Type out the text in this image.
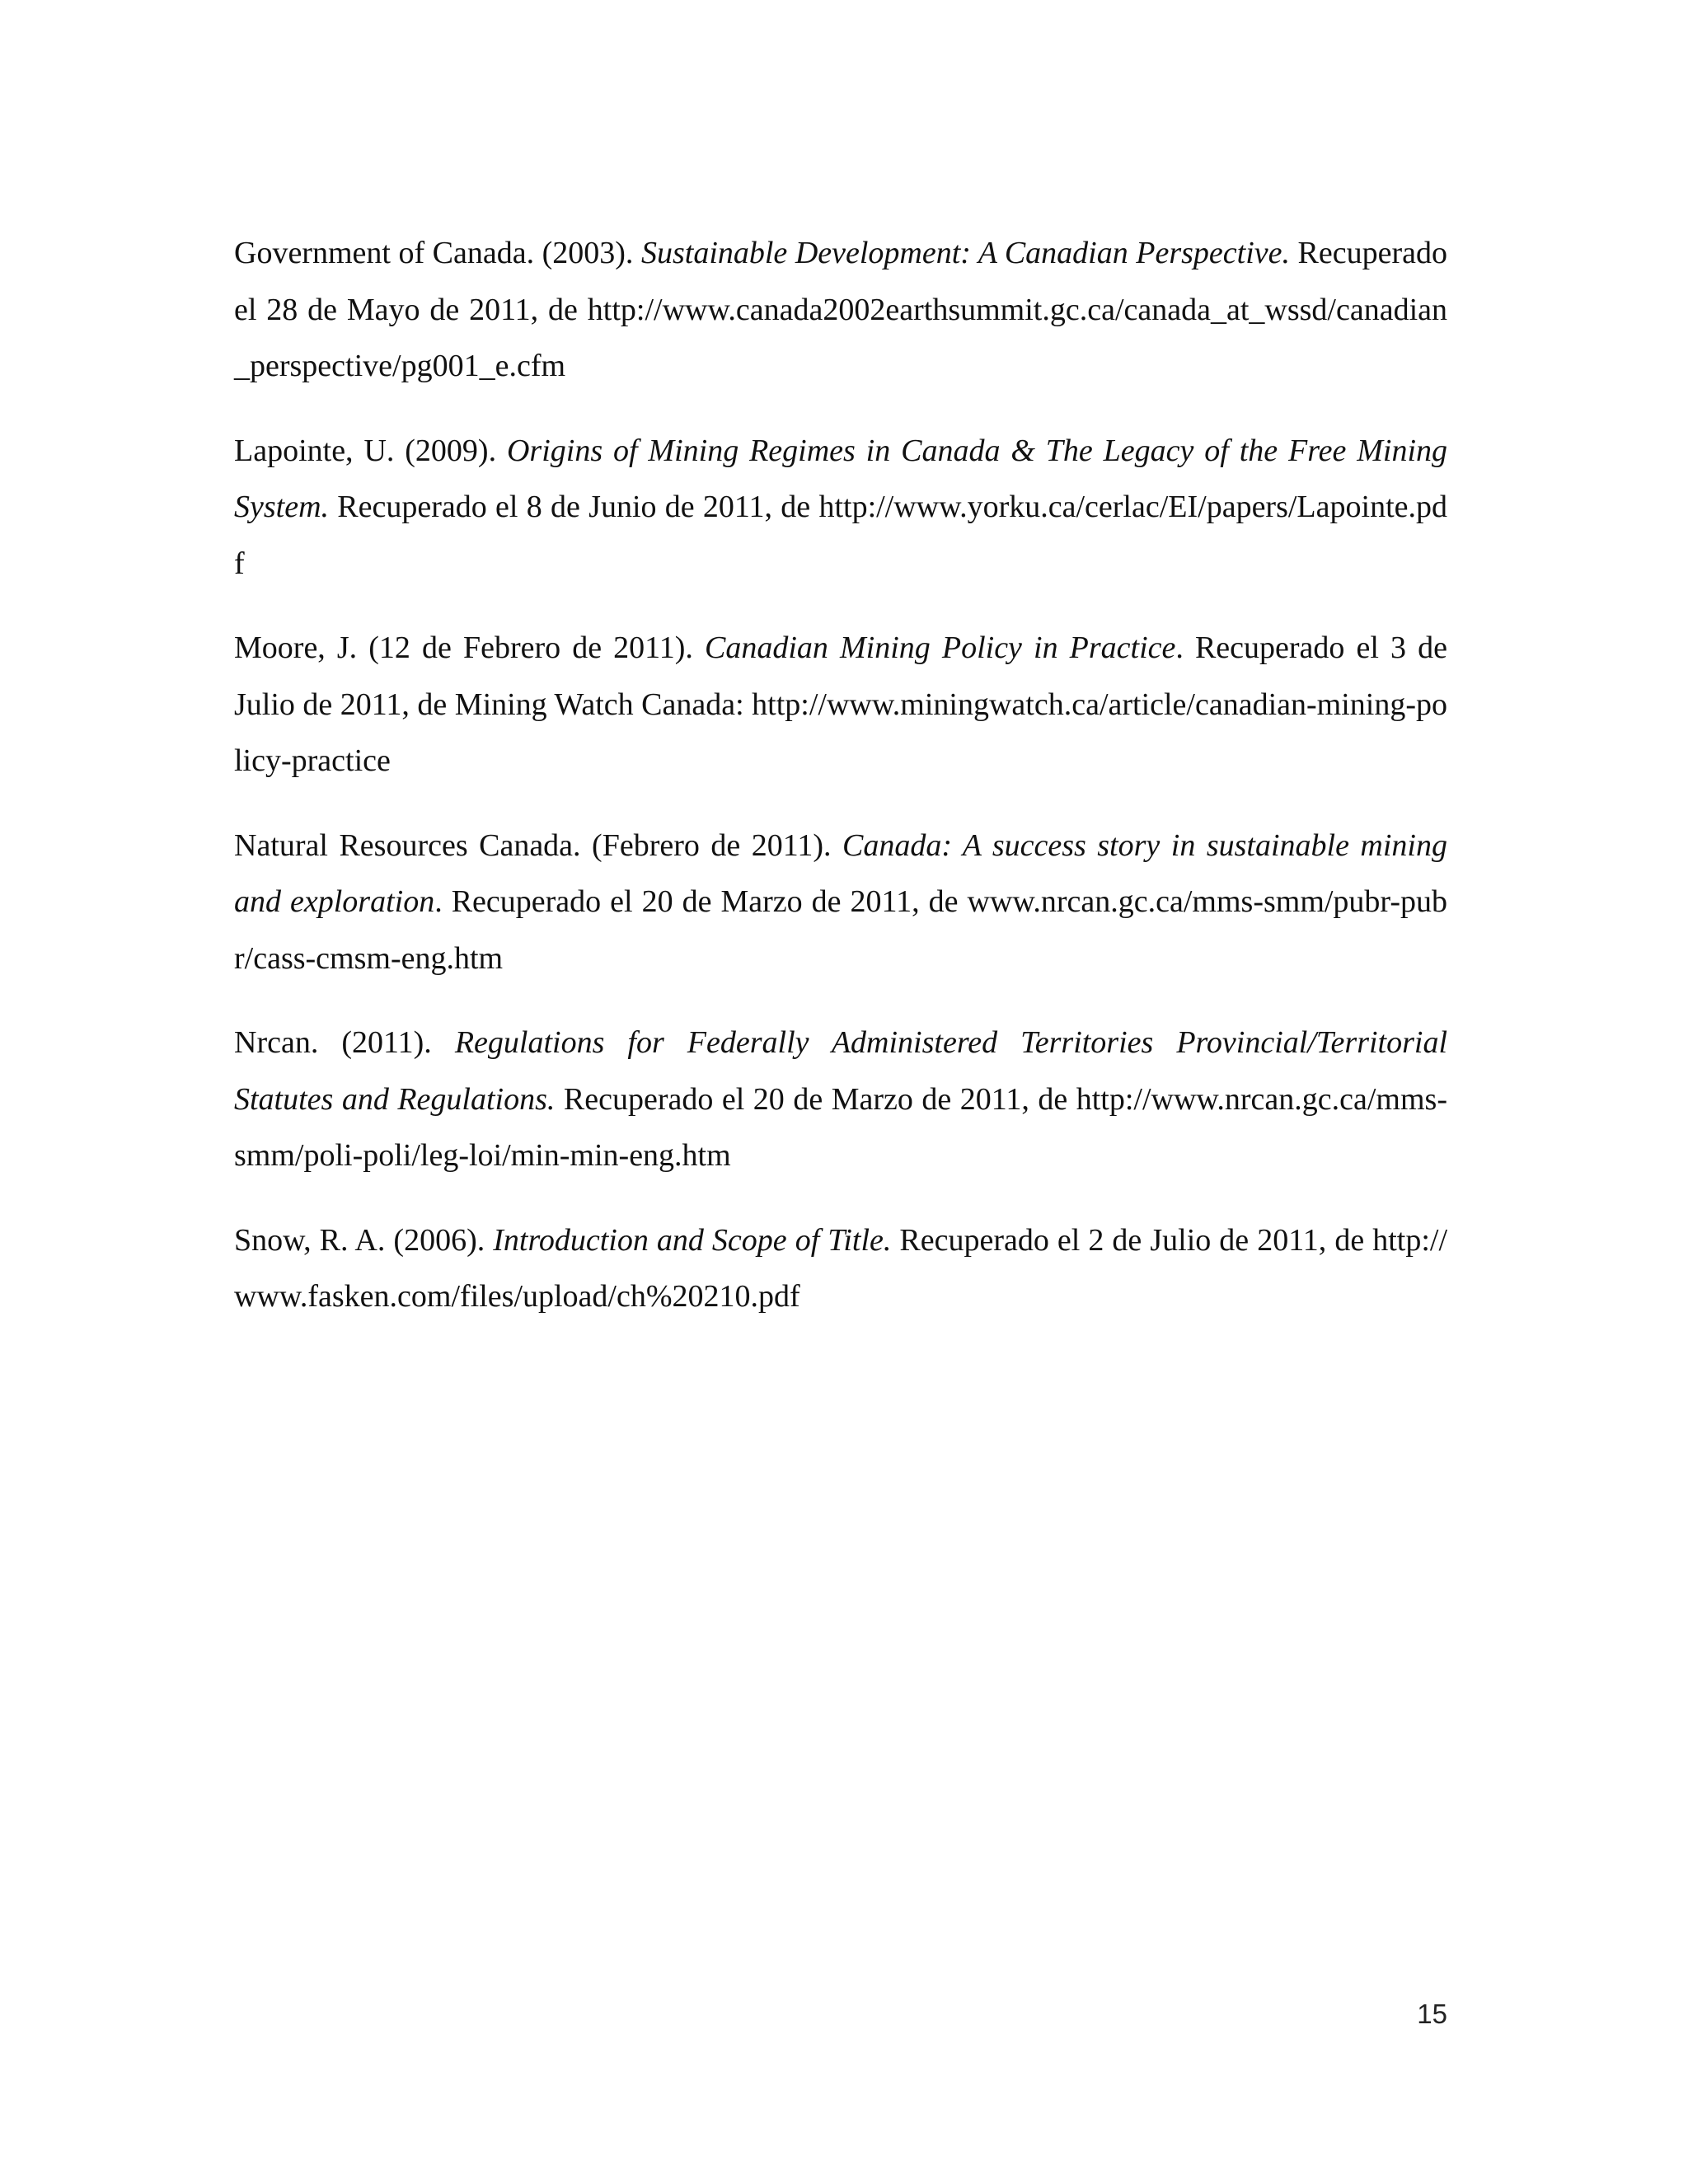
Government of Canada. (2003). Sustainable Development: A Canadian Perspective. Recuperado el 28 de Mayo de 2011, de http://www.canada2002earthsummit.gc.ca/canada_at_wssd/canadian_perspective/pg001_e.cfm

Lapointe, U. (2009). Origins of Mining Regimes in Canada & The Legacy of the Free Mining System. Recuperado el 8 de Junio de 2011, de http://www.yorku.ca/cerlac/EI/papers/Lapointe.pdf

Moore, J. (12 de Febrero de 2011). Canadian Mining Policy in Practice. Recuperado el 3 de Julio de 2011, de Mining Watch Canada: http://www.miningwatch.ca/article/canadian-mining-policy-practice

Natural Resources Canada. (Febrero de 2011). Canada: A success story in sustainable mining and exploration. Recuperado el 20 de Marzo de 2011, de www.nrcan.gc.ca/mms-smm/pubr-pubr/cass-cmsm-eng.htm

Nrcan. (2011). Regulations for Federally Administered Territories Provincial/Territorial Statutes and Regulations. Recuperado el 20 de Marzo de 2011, de http://www.nrcan.gc.ca/mms-smm/poli-poli/leg-loi/min-min-eng.htm

Snow, R. A. (2006). Introduction and Scope of Title. Recuperado el 2 de Julio de 2011, de http://www.fasken.com/files/upload/ch%20210.pdf

15
